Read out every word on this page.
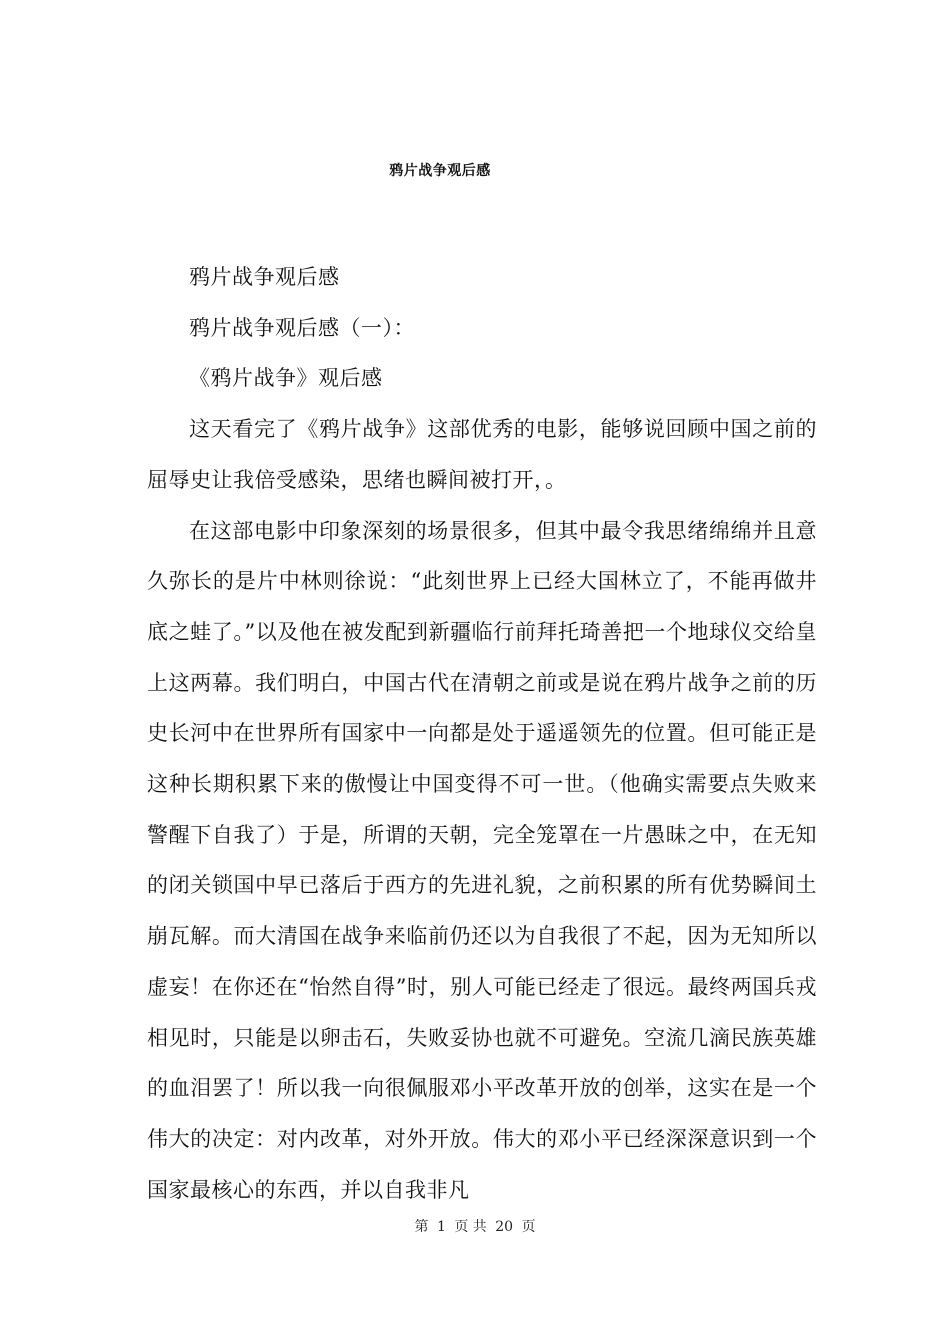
鸦片战争观后感

鸦片战争观后感

鸦片战争观后感（一）：

《鸦片战争》观后感

这天看完了《鸦片战争》这部优秀的电影，能够说回顾中国之前的屈辱史让我倍受感染，思绪也瞬间被打开，。

在这部电影中印象深刻的场景很多，但其中最令我思绪绵绵并且意久弥长的是片中林则徐说：“此刻世界上已经大国林立了，不能再做井底之蛙了。”以及他在被发配到新疆临行前拜托琦善把一个地球仪交给皇上这两幕。我们明白，中国古代在清朝之前或是说在鸦片战争之前的历史长河中在世界所有国家中一向都是处于遥遥领先的位置。但可能正是这种长期积累下来的傲慢让中国变得不可一世。（他确实需要点失败来警醒下自我了）于是，所谓的天朝，完全笼罩在一片愚昧之中，在无知的闭关锁国中早已落后于西方的先进礼貌，之前积累的所有优势瞬间土崩瓦解。而大清国在战争来临前仍还以为自我很了不起，因为无知所以虚妄！在你还在“怡然自得”时，别人可能已经走了很远。最终两国兵戎相见时，只能是以卵击石，失败妥协也就不可避免。空流几滴民族英雄的血泪罢了！所以我一向很佩服邓小平改革开放的创举，这实在是一个伟大的决定：对内改革，对外开放。伟大的邓小平已经深深意识到一个国家最核心的东西，并以自我非凡

第 1 页 共 20 页
